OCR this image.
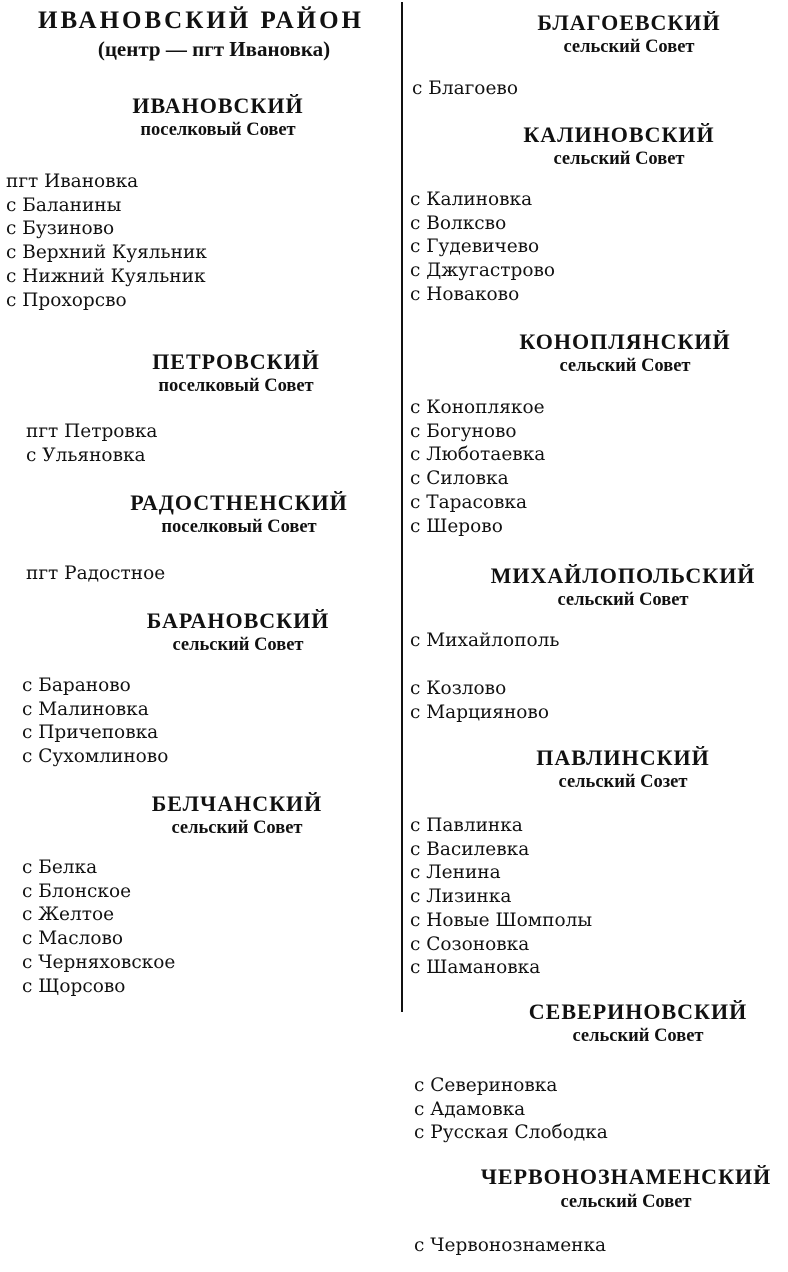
ИВАНОВСКИЙ РАЙОН
(центр — пгт Ивановка)
ИВАНОВСКИЙ
поселковый Совет
пгт Ивановка
с Баланины
с Бузиново
с Верхний Куяльник
с Нижний Куяльник
с Прохорсво
ПЕТРОВСКИЙ
поселковый Совет
пгт Петровка
с Ульяновка
РАДОСТНЕНСКИЙ
поселковый Совет
пгт Радостное
БАРАНОВСКИЙ
сельский Совет
с Бараново
с Малиновка
с Причеповка
с Сухомлиново
БЕЛЧАНСКИЙ
сельский Совет
с Белка
с Блонское
с Желтое
с Маслово
с Черняховское
с Щорсово
БЛАГОЕВСКИЙ
сельский Совет
с Благоево
КАЛИНОВСКИЙ
сельский Совет
с Калиновка
с Волксво
с Гудевичево
с Джугастрово
с Новаково
КОНОПЛЯНСКИЙ
сельский Совет
с Коноплякое
с Богуново
с Люботаевка
с Силовка
с Тарасовка
с Шерово
МИХАЙЛОПОЛЬСКИЙ
сельский Совет
с Михайлополь
с Козлово
с Марцияново
ПАВЛИНСКИЙ
сельский Созет
с Павлинка
с Василевка
с Ленина
с Лизинка
с Новые Шомполы
с Созоновка
с Шамановка
СЕВЕРИНОВСКИЙ
сельский Совет
с Севериновка
с Адамовка
с Русская Слободка
ЧЕРВОНОЗНАМЕНСКИЙ
сельский Совет
с Червонознаменка
